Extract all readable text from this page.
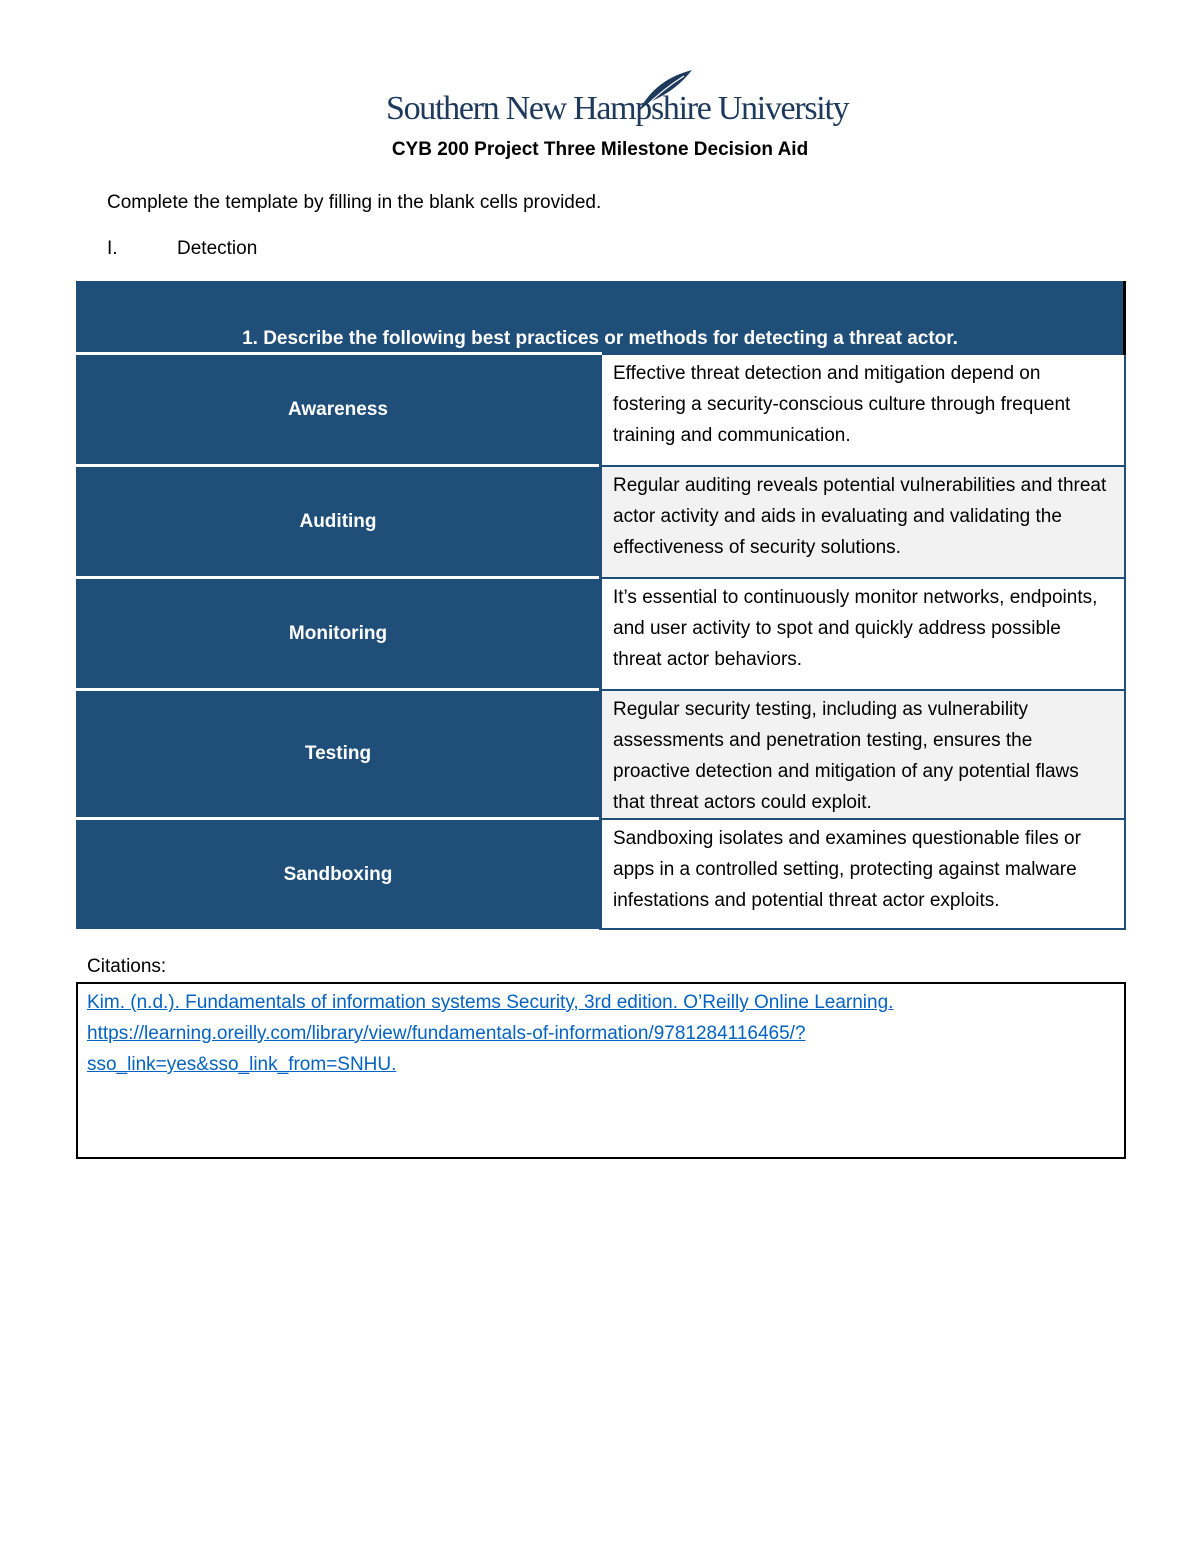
Southern New Hampshire University
CYB 200 Project Three Milestone Decision Aid
Complete the template by filling in the blank cells provided.
I.	Detection
1. Describe the following best practices or methods for detecting a threat actor.	
Awareness	Effective threat detection and mitigation depend on fostering a security-conscious culture through frequent training and communication.
Auditing	Regular auditing reveals potential vulnerabilities and threat actor activity and aids in evaluating and validating the effectiveness of security solutions.
Monitoring	It’s essential to continuously monitor networks, endpoints, and user activity to spot and quickly address possible threat actor behaviors.
Testing	Regular security testing, including as vulnerability assessments and penetration testing, ensures the proactive detection and mitigation of any potential flaws that threat actors could exploit.
Sandboxing	Sandboxing isolates and examines questionable files or apps in a controlled setting, protecting against malware infestations and potential threat actor exploits.
Citations:
Kim. (n.d.). Fundamentals of information systems Security, 3rd edition. O’Reilly Online Learning.
https://learning.oreilly.com/library/view/fundamentals-of-information/9781284116465/?
sso_link=yes&sso_link_from=SNHU.
